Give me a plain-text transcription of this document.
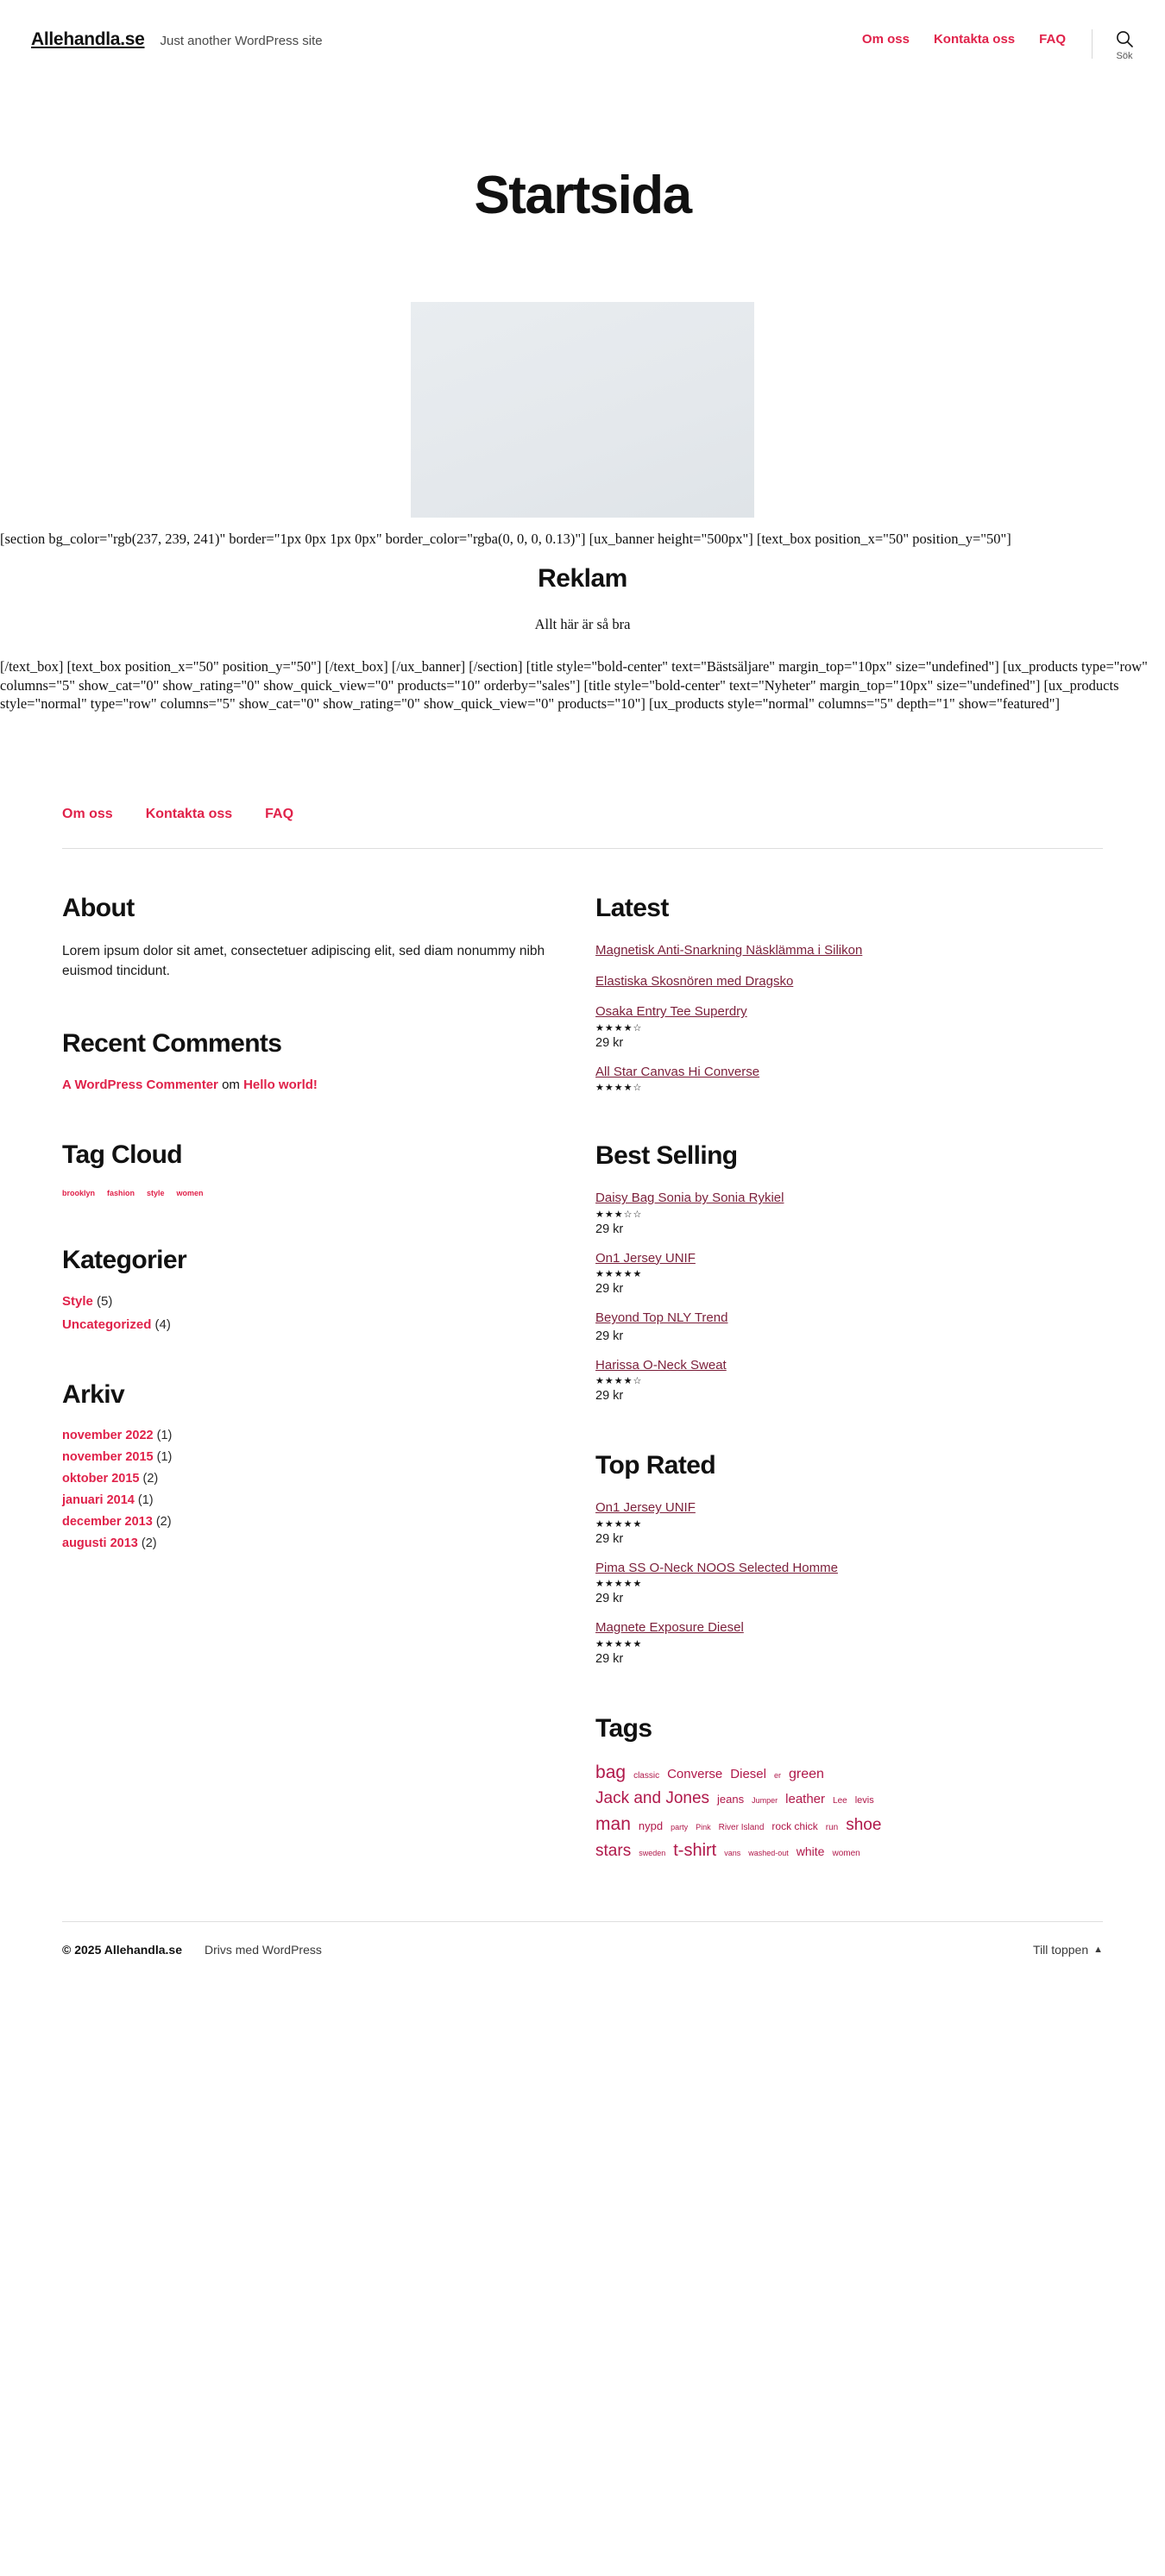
Allehandla.se Just another WordPress site	Om oss Kontakta oss FAQ
Sök
Startsida
[section bg_color="rgb(237, 239, 241)" border="1px 0px 1px 0px" border_color="rgba(0, 0, 0, 0.13)"] [ux_banner height="500px"] [text_box position_x="50" position_y="50"]
Reklam
Allt här är så bra
[/text_box] [text_box position_x="50" position_y="50"] [/text_box] [/ux_banner] [/section] [title style="bold-center" text="Bästsäljare" margin_top="10px" size="undefined"] [ux_products type="row" columns="5" show_cat="0" show_rating="0" show_quick_view="0" products="10" orderby="sales"] [title style="bold-center" text="Nyheter" margin_top="10px" size="undefined"] [ux_products style="normal" type="row" columns="5" show_cat="0" show_rating="0" show_quick_view="0" products="10"] [ux_products style="normal" columns="5" depth="1" show="featured"]
Om oss Kontakta oss FAQ
About

Lorem ipsum dolor sit amet, consectetuer adipiscing elit, sed diam nonummy nibh euismod tincidunt.

Recent Comments
A WordPress Commenter om Hello world!
Tag Cloud
brooklyn fashion style women
Kategorier
Style (5)
Uncategorized (4)
Arkiv
november 2022 (1)
november 2015 (1)
oktober 2015 (2)
januari 2014 (1)
december 2013 (2)
augusti 2013 (2)
Latest
Magnetisk Anti-Snarkning Näsklämma i Silikon
Elastiska Skosnören med Dragsko
Osaka Entry Tee Superdry
★★★★☆
29 kr
All Star Canvas Hi Converse
★★★★☆
Best Selling
Daisy Bag Sonia by Sonia Rykiel
★★★☆☆
29 kr
On1 Jersey UNIF
★★★★★
29 kr
Beyond Top NLY Trend
29 kr
Harissa O-Neck Sweat
★★★★☆
29 kr
Top Rated
On1 Jersey UNIF
★★★★★
29 kr
Pima SS O-Neck NOOS Selected Homme
★★★★★
29 kr
Magnete Exposure Diesel
★★★★★
29 kr
Tags
bag classic Converse Diesel er green
Jack and Jones jeans Jumper leather Lee levis
man nypd party Pink River Island rock chick run shoe
stars sweden t-shirt vans washed-out white women
© 2025 Allehandla.se Drivs med WordPress	Till toppen ▲
